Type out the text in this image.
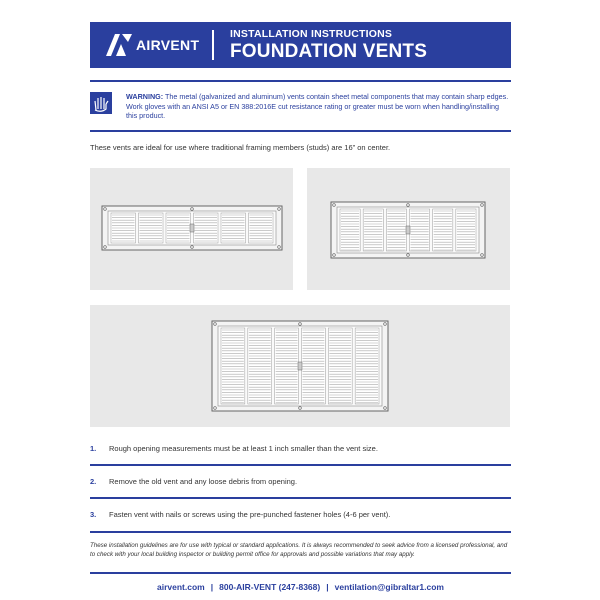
AIRVENT
INSTALLATION INSTRUCTIONS
FOUNDATION VENTS
WARNING: The metal (galvanized and aluminum) vents contain sheet metal components that may contain sharp edges. Work gloves with an ANSI A5 or EN 388:2016E cut resistance rating or greater must be worn when handling/installing this product.
These vents are ideal for use where traditional framing members (studs) are 16” on center.
1. Rough opening measurements must be at least 1 inch smaller than the vent size.
2. Remove the old vent and any loose debris from opening.
3. Fasten vent with nails or screws using the pre-punched fastener holes (4-6 per vent).
These installation guidelines are for use with typical or standard applications. It is always recommended to seek advice from a licensed professional, and to check with your local building inspector or building permit office for approvals and possible variations that may apply.
airvent.com | 800-AIR-VENT (247-8368) | ventilation@gibraltar1.com
